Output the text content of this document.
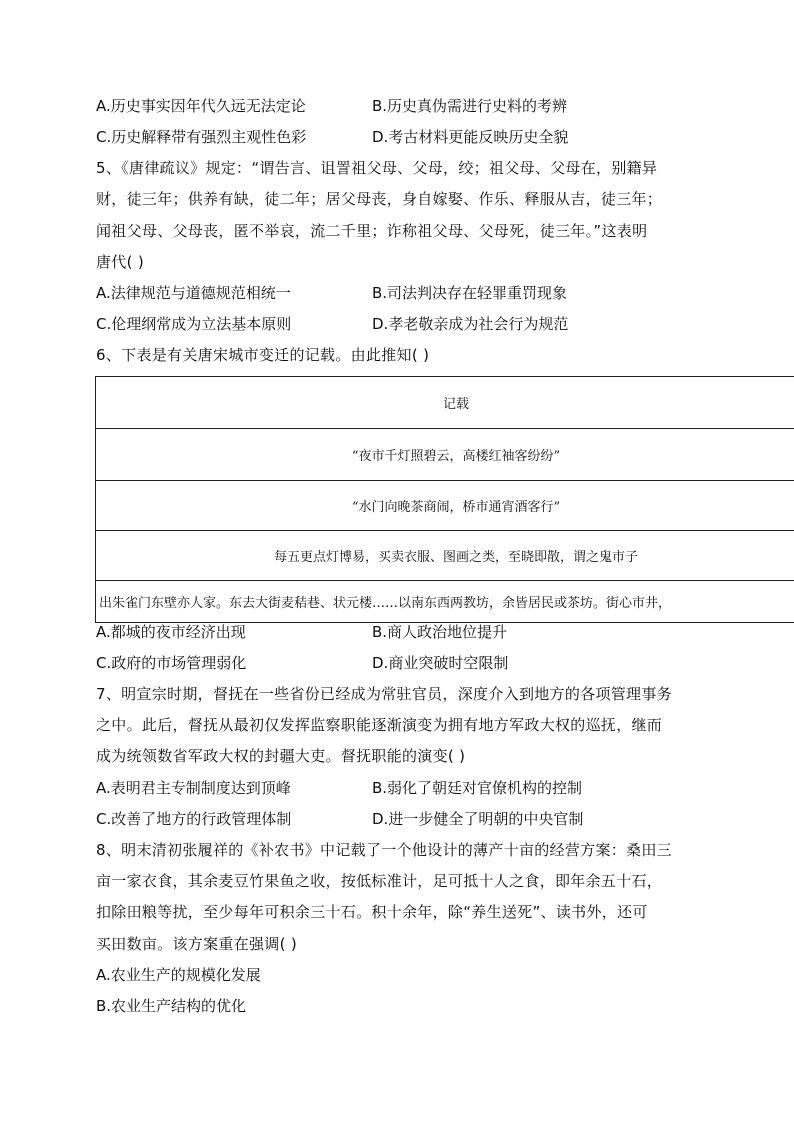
A.历史事实因年代久远无法定论	B.历史真伪需进行史料的考辨
C.历史解释带有强烈主观性色彩	D.考古材料更能反映历史全貌
5、《唐律疏议》规定：“谓告言、诅詈祖父母、父母，绞；祖父母、父母在，别籍异
财，徒三年；供养有缺，徒二年；居父母丧，身自嫁娶、作乐、释服从吉，徒三年；
闻祖父母、父母丧，匿不举哀，流二千里；诈称祖父母、父母死，徒三年。”这表明
唐代( )
A.法律规范与道德规范相统一	B.司法判决存在轻罪重罚现象
C.伦理纲常成为立法基本原则	D.孝老敬亲成为社会行为规范
6、下表是有关唐宋城市变迁的记载。由此推知( )
记载
“夜市千灯照碧云，高楼红袖客纷纷”
“水门向晚茶商闹，桥市通宵酒客行”
每五更点灯博易，买卖衣服、图画之类，至晓即散，谓之鬼市子
出朱雀门东壁亦人家。东去大街麦秸巷、状元楼……以南东西两教坊，余皆居民或茶坊。街心市井，
A.都城的夜市经济出现	B.商人政治地位提升
C.政府的市场管理弱化	D.商业突破时空限制
7、明宣宗时期，督抚在一些省份已经成为常驻官员，深度介入到地方的各项管理事务
之中。此后，督抚从最初仅发挥监察职能逐渐演变为拥有地方军政大权的巡抚，继而
成为统领数省军政大权的封疆大吏。督抚职能的演变( )
A.表明君主专制制度达到顶峰	B.弱化了朝廷对官僚机构的控制
C.改善了地方的行政管理体制	D.进一步健全了明朝的中央官制
8、明末清初张履祥的《补农书》中记载了一个他设计的薄产十亩的经营方案：桑田三
亩一家衣食，其余麦豆竹果鱼之收，按低标准计，足可抵十人之食，即年余五十石，
扣除田粮等扰，至少每年可积余三十石。积十余年，除“养生送死”、读书外，还可
买田数亩。该方案重在强调( )
A.农业生产的规模化发展
B.农业生产结构的优化
